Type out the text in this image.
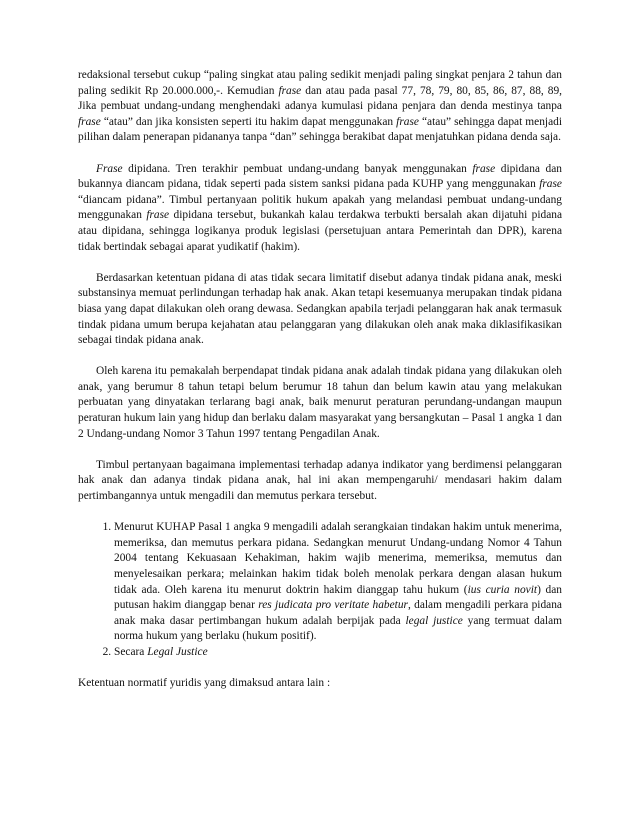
redaksional tersebut cukup “paling singkat atau paling sedikit menjadi paling singkat penjara 2 tahun dan paling sedikit Rp 20.000.000,-. Kemudian frase dan atau pada pasal 77, 78, 79, 80, 85, 86, 87, 88, 89, Jika pembuat undang-undang menghendaki adanya kumulasi pidana penjara dan denda mestinya tanpa frase “atau” dan jika konsisten seperti itu hakim dapat menggunakan frase “atau” sehingga dapat menjadi pilihan dalam penerapan pidananya tanpa “dan” sehingga berakibat dapat menjatuhkan pidana denda saja.

Frase dipidana. Tren terakhir pembuat undang-undang banyak menggunakan frase dipidana dan bukannya diancam pidana, tidak seperti pada sistem sanksi pidana pada KUHP yang menggunakan frase “diancam pidana”. Timbul pertanyaan politik hukum apakah yang melandasi pembuat undang-undang menggunakan frase dipidana tersebut, bukankah kalau terdakwa terbukti bersalah akan dijatuhi pidana atau dipidana, sehingga logikanya produk legislasi (persetujuan antara Pemerintah dan DPR), karena tidak bertindak sebagai aparat yudikatif (hakim).

Berdasarkan ketentuan pidana di atas tidak secara limitatif disebut adanya tindak pidana anak, meski substansinya memuat perlindungan terhadap hak anak. Akan tetapi kesemuanya merupakan tindak pidana biasa yang dapat dilakukan oleh orang dewasa. Sedangkan apabila terjadi pelanggaran hak anak termasuk tindak pidana umum berupa kejahatan atau pelanggaran yang dilakukan oleh anak maka diklasifikasikan sebagai tindak pidana anak.

Oleh karena itu pemakalah berpendapat tindak pidana anak adalah tindak pidana yang dilakukan oleh anak, yang berumur 8 tahun tetapi belum berumur 18 tahun dan belum kawin atau yang melakukan perbuatan yang dinyatakan terlarang bagi anak, baik menurut peraturan perundang-undangan maupun peraturan hukum lain yang hidup dan berlaku dalam masyarakat yang bersangkutan – Pasal 1 angka 1 dan 2 Undang-undang Nomor 3 Tahun 1997 tentang Pengadilan Anak.

Timbul pertanyaan bagaimana implementasi terhadap adanya indikator yang berdimensi pelanggaran hak anak dan adanya tindak pidana anak, hal ini akan mempengaruhi/ mendasari hakim dalam pertimbangannya untuk mengadili dan memutus perkara tersebut.

1. Menurut KUHAP Pasal 1 angka 9 mengadili adalah serangkaian tindakan hakim untuk menerima, memeriksa, dan memutus perkara pidana. Sedangkan menurut Undang-undang Nomor 4 Tahun 2004 tentang Kekuasaan Kehakiman, hakim wajib menerima, memeriksa, memutus dan menyelesaikan perkara; melainkan hakim tidak boleh menolak perkara dengan alasan hukum tidak ada. Oleh karena itu menurut doktrin hakim dianggap tahu hukum (ius curia novit) dan putusan hakim dianggap benar res judicata pro veritate habetur, dalam mengadili perkara pidana anak maka dasar pertimbangan hukum adalah berpijak pada legal justice yang termuat dalam norma hukum yang berlaku (hukum positif).
2. Secara Legal Justice

Ketentuan normatif yuridis yang dimaksud antara lain :
